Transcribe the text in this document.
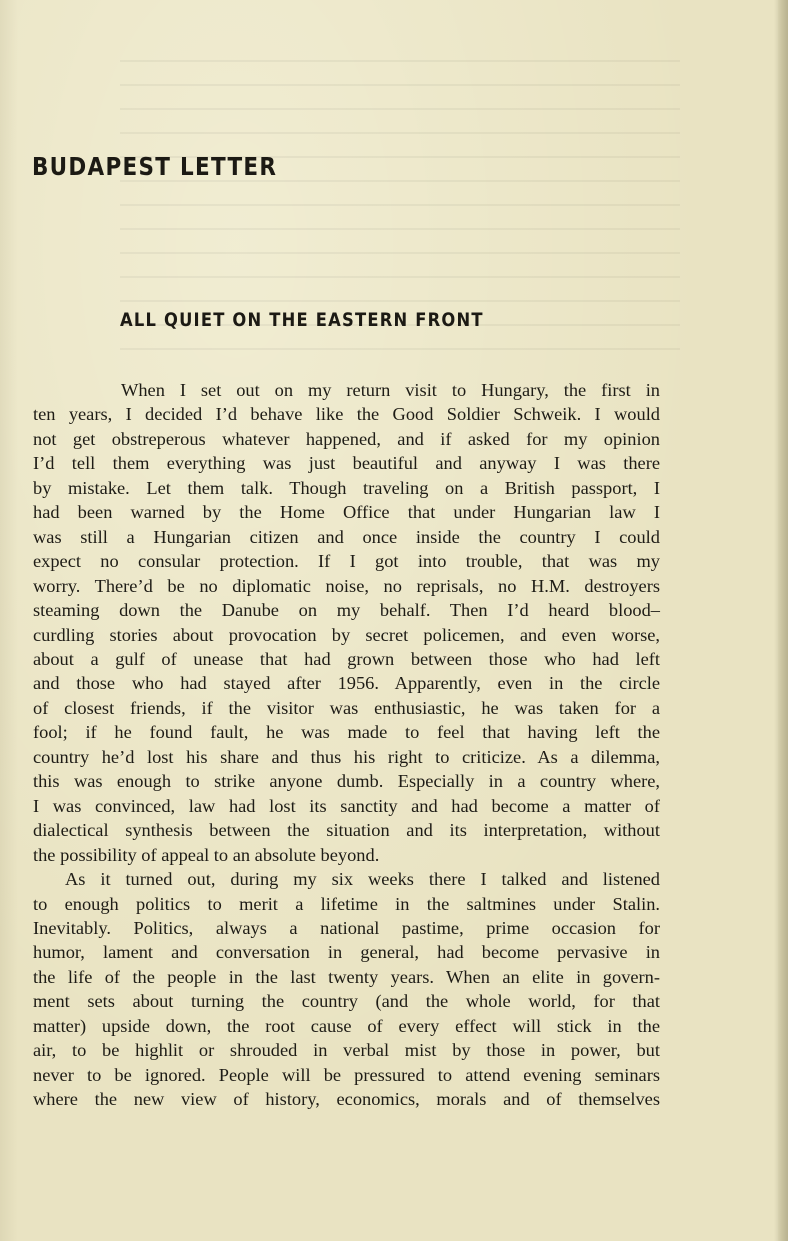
BUDAPEST LETTER
ALL QUIET ON THE EASTERN FRONT
When I set out on my return visit to Hungary, the first in
ten years, I decided I’d behave like the Good Soldier Schweik. I would
not get obstreperous whatever happened, and if asked for my opinion
I’d tell them everything was just beautiful and anyway I was there
by mistake. Let them talk. Though traveling on a British passport, I
had been warned by the Home Office that under Hungarian law I
was still a Hungarian citizen and once inside the country I could
expect no consular protection. If I got into trouble, that was my
worry. There’d be no diplomatic noise, no reprisals, no H.M. destroyers
steaming down the Danube on my behalf. Then I’d heard blood–
curdling stories about provocation by secret policemen, and even worse,
about a gulf of unease that had grown between those who had left
and those who had stayed after 1956. Apparently, even in the circle
of closest friends, if the visitor was enthusiastic, he was taken for a
fool; if he found fault, he was made to feel that having left the
country he’d lost his share and thus his right to criticize. As a dilemma,
this was enough to strike anyone dumb. Especially in a country where,
I was convinced, law had lost its sanctity and had become a matter of
dialectical synthesis between the situation and its interpretation, without
the possibility of appeal to an absolute beyond.
As it turned out, during my six weeks there I talked and listened
to enough politics to merit a lifetime in the saltmines under Stalin.
Inevitably. Politics, always a national pastime, prime occasion for
humor, lament and conversation in general, had become pervasive in
the life of the people in the last twenty years. When an elite in govern-
ment sets about turning the country (and the whole world, for that
matter) upside down, the root cause of every effect will stick in the
air, to be highlit or shrouded in verbal mist by those in power, but
never to be ignored. People will be pressured to attend evening seminars
where the new view of history, economics, morals and of themselves
